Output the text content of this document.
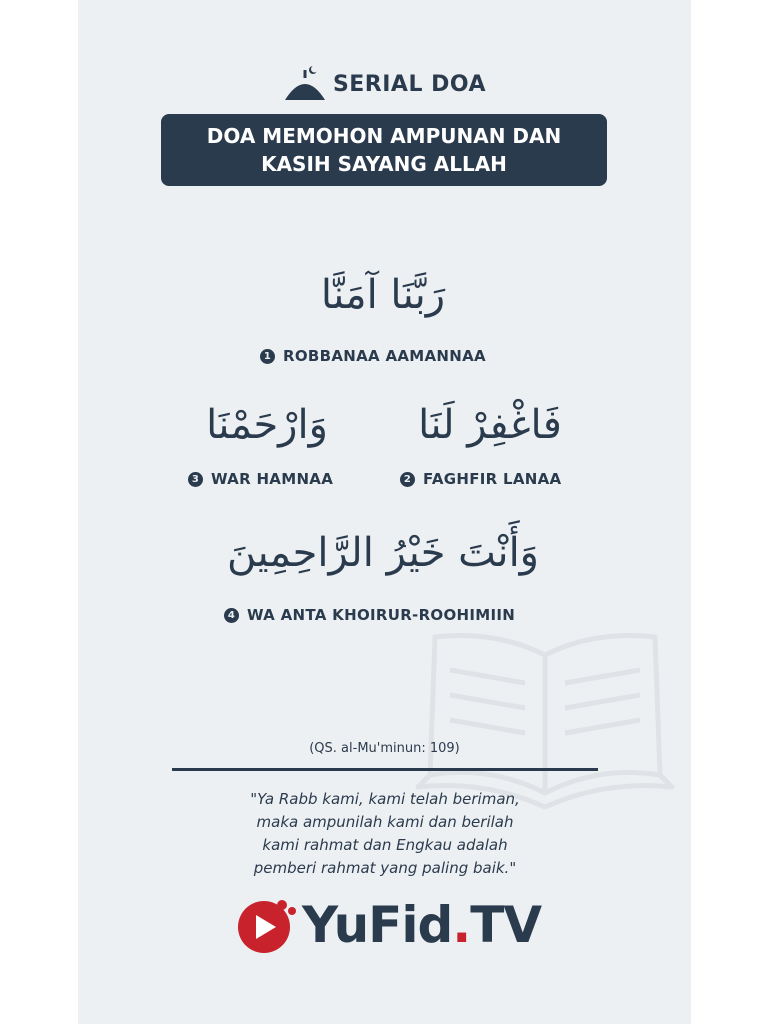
SERIAL DOA
DOA MEMOHON AMPUNAN DAN
KASIH SAYANG ALLAH
رَبَّنَا آمَنَّا
1 ROBBANAA AAMANNAA
وَارْحَمْنَا
3 WAR HAMNAA
فَاغْفِرْ لَنَا
2 FAGHFIR LANAA
وَأَنْتَ خَيْرُ الرَّاحِمِينَ
4 WA ANTA KHOIRUR-ROOHIMIIN
(QS. al-Mu'minun: 109)
"Ya Rabb kami, kami telah beriman,
maka ampunilah kami dan berilah
kami rahmat dan Engkau adalah
pemberi rahmat yang paling baik."
YuFid.TV
